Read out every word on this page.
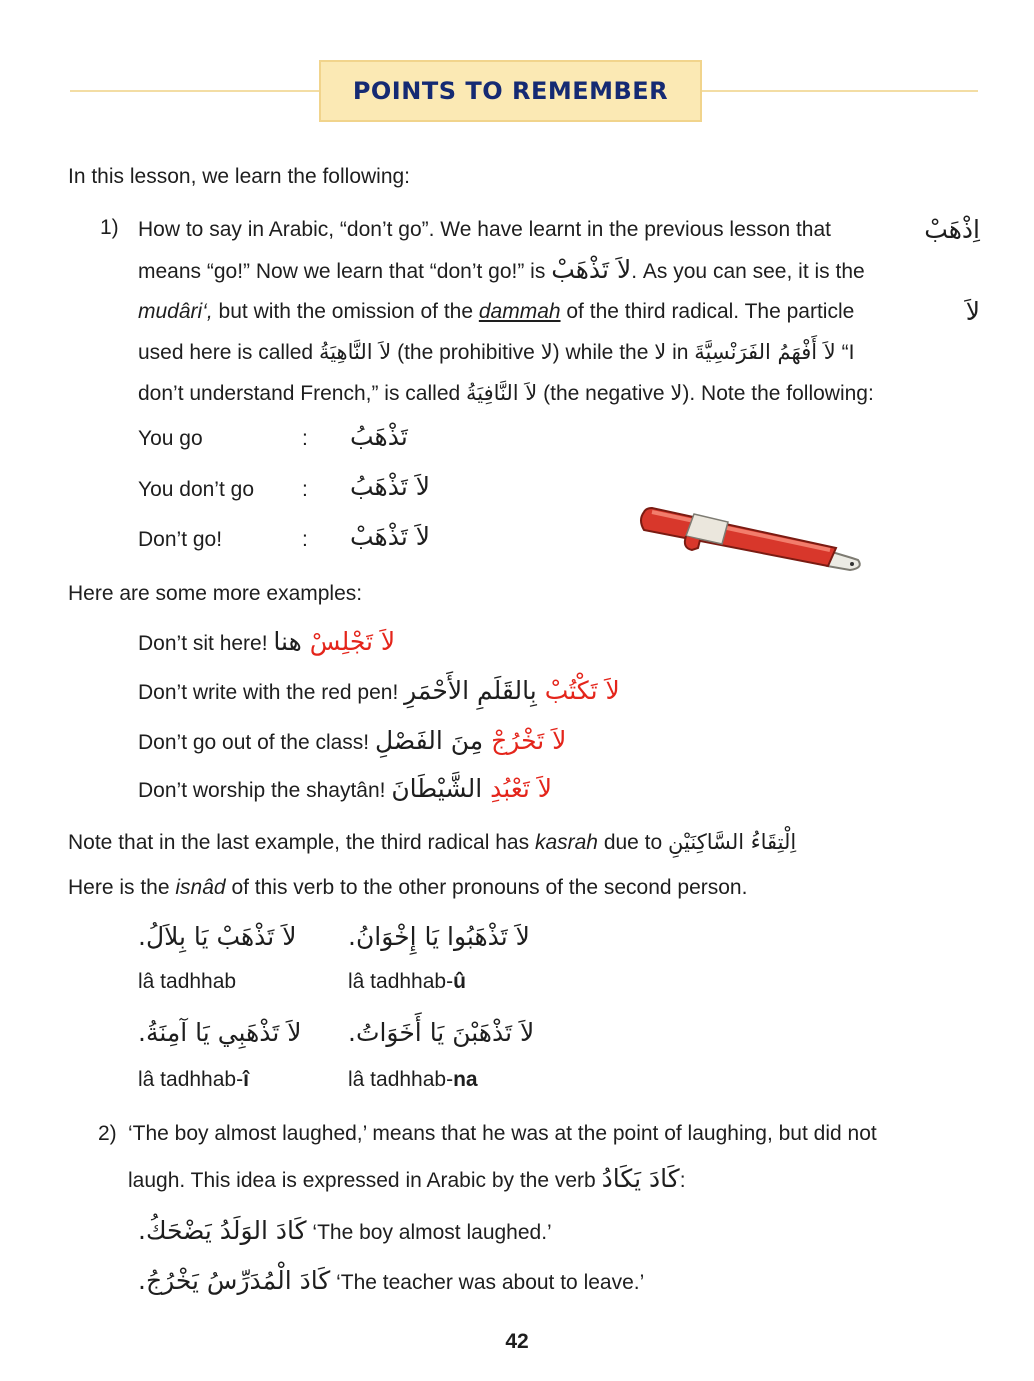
POINTS TO REMEMBER
In this lesson, we learn the following:
1) How to say in Arabic, “don’t go”. We have learnt in the previous lesson that	اِذْهَبْ
means “go!” Now we learn that “don’t go!” is لاَ تَذْهَبْ. As you can see, it is the
mudâri‘, but with the omission of the dammah of the third radical. The particle	لاَ
used here is called لاَ النَّاهِيَةُ (the prohibitive لا) while the لا in لاَ أَفْهَمُ الفَرَنْسِيَّةَ “I
don’t understand French,” is called لاَ النَّافِيَةُ (the negative لا). Note the following:
You go	: تَذْهَبُ
You don’t go : لاَ تَذْهَبُ
Don’t go!	: لاَ تَذْهَبْ
Here are some more examples:
Don’t sit here! لاَ تَجْلِسْ هنا
Don’t write with the red pen!	لاَ تَكْتُبْ بِالقَلَمِ الأَحْمَرِ
Don’t go out of the class!	لاَ تَخْرُجْ مِنَ الفَصْلِ
Don’t worship the shaytân!	لاَ تَعْبُدِ الشَّيْطَانَ
Note that in the last example, the third radical has kasrah due to اِلْتِقَاءُ السَّاكِنَيْنِ
Here is the isnâd of this verb to the other pronouns of the second person.
لاَ تَذْهَبْ يَا بِلاَلُ.
lâ tadhhab
لاَ تَذْهَبُوا يَا إِخْوَانُ.
lâ tadhhab-û
لاَ تَذْهَبِي يَا آمِنَةُ.
lâ tadhhab-î
لاَ تَذْهَبْنَ يَا أَخَوَاتُ.
lâ tadhhab-na
2) ‘The boy almost laughed,’ means that he was at the point of laughing, but did not
laugh. This idea is expressed in Arabic by the verb كَادَ يَكَادُ:
كَادَ الوَلَدُ يَضْحَكُ. ‘The boy almost laughed.’
كَادَ الْمُدَرِّسُ يَخْرُجُ. ‘The teacher was about to leave.’
42
